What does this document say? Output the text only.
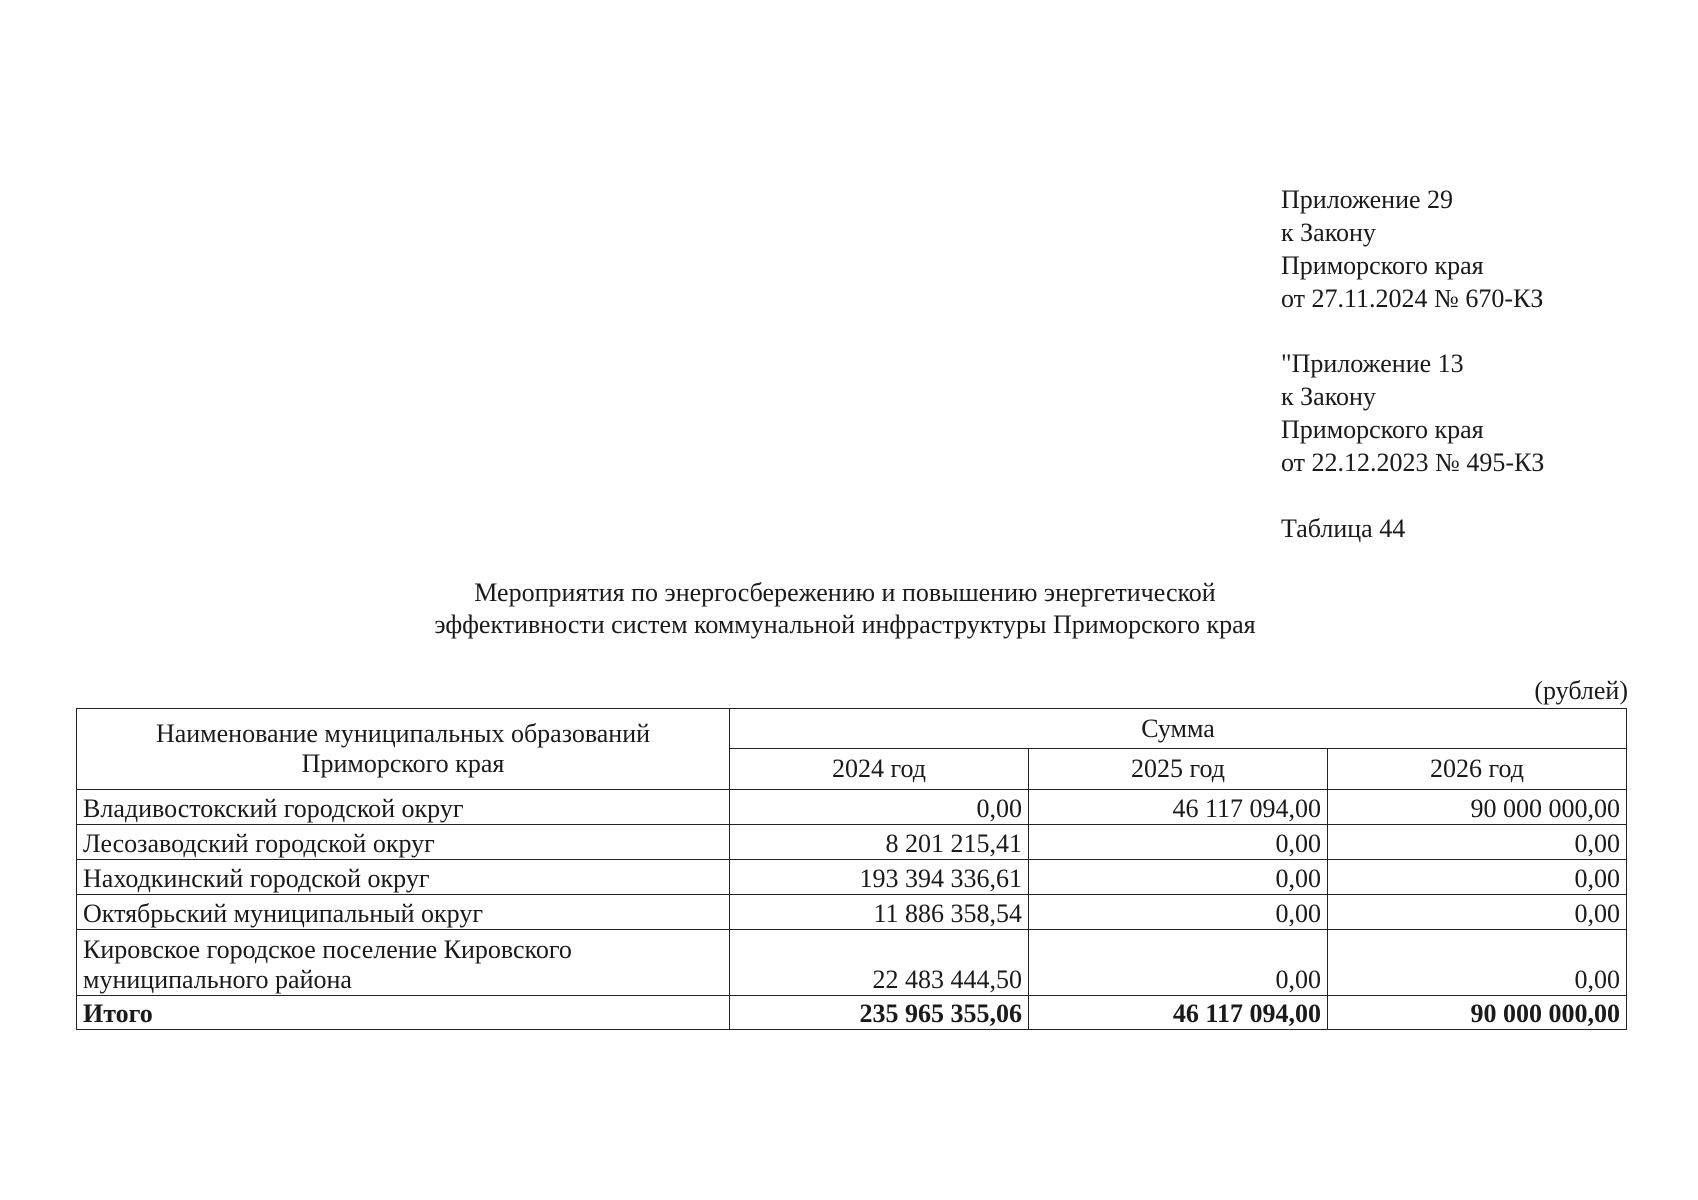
Приложение 29
к Закону
Приморского края
от 27.11.2024 № 670-КЗ
"Приложение 13
к Закону
Приморского края
от 22.12.2023 № 495-КЗ
Таблица 44
Мероприятия по энергосбережению и повышению энергетической
эффективности систем коммунальной инфраструктуры Приморского края
(рублей)
Наименование муниципальных образований Приморского края	Сумма		
	2024 год	2025 год	2026 год
Владивостокский городской округ	0,00	46 117 094,00	90 000 000,00
Лесозаводский городской округ	8 201 215,41	0,00	0,00
Находкинский городской округ	193 394 336,61	0,00	0,00
Октябрьский муниципальный округ	11 886 358,54	0,00	0,00
Кировское городское поселение Кировского муниципального района	22 483 444,50	0,00	0,00
Итого	235 965 355,06	46 117 094,00	90 000 000,00
